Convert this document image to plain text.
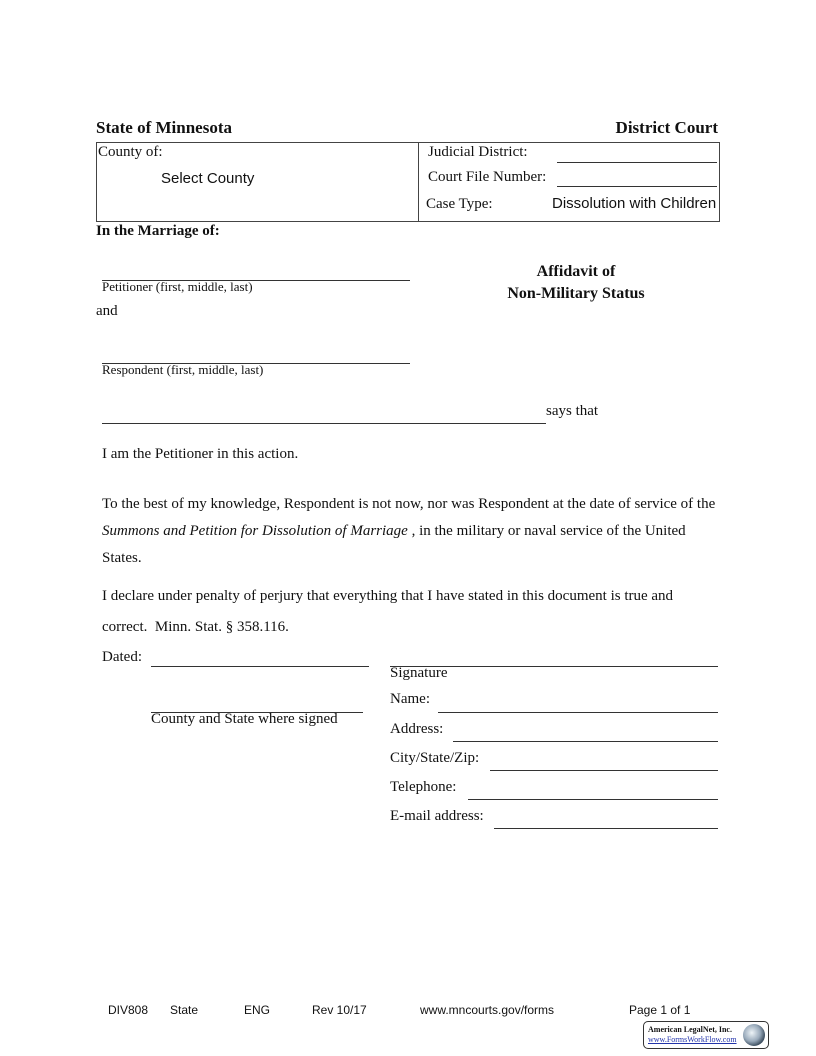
State of Minnesota	District Court
County of:
Select County
Judicial District:
Court File Number:
Case Type:	Dissolution with Children
In the Marriage of:
Petitioner (first, middle, last)
and
Respondent (first, middle, last)
Affidavit of
Non-Military Status
says that
I am the Petitioner in this action.
To the best of my knowledge, Respondent is not now, nor was Respondent at the date of service of the Summons and Petition for Dissolution of Marriage , in the military or naval service of the United States.
I declare under penalty of perjury that everything that I have stated in this document is true and
correct.  Minn. Stat. § 358.116.
Dated:
County and State where signed
Signature
Name:
Address:
City/State/Zip:
Telephone:
E-mail address:
DIV808 State	ENG	Rev 10/17	www.mncourts.gov/forms	Page 1 of 1
American LegalNet, Inc.
www.FormsWorkFlow.com
